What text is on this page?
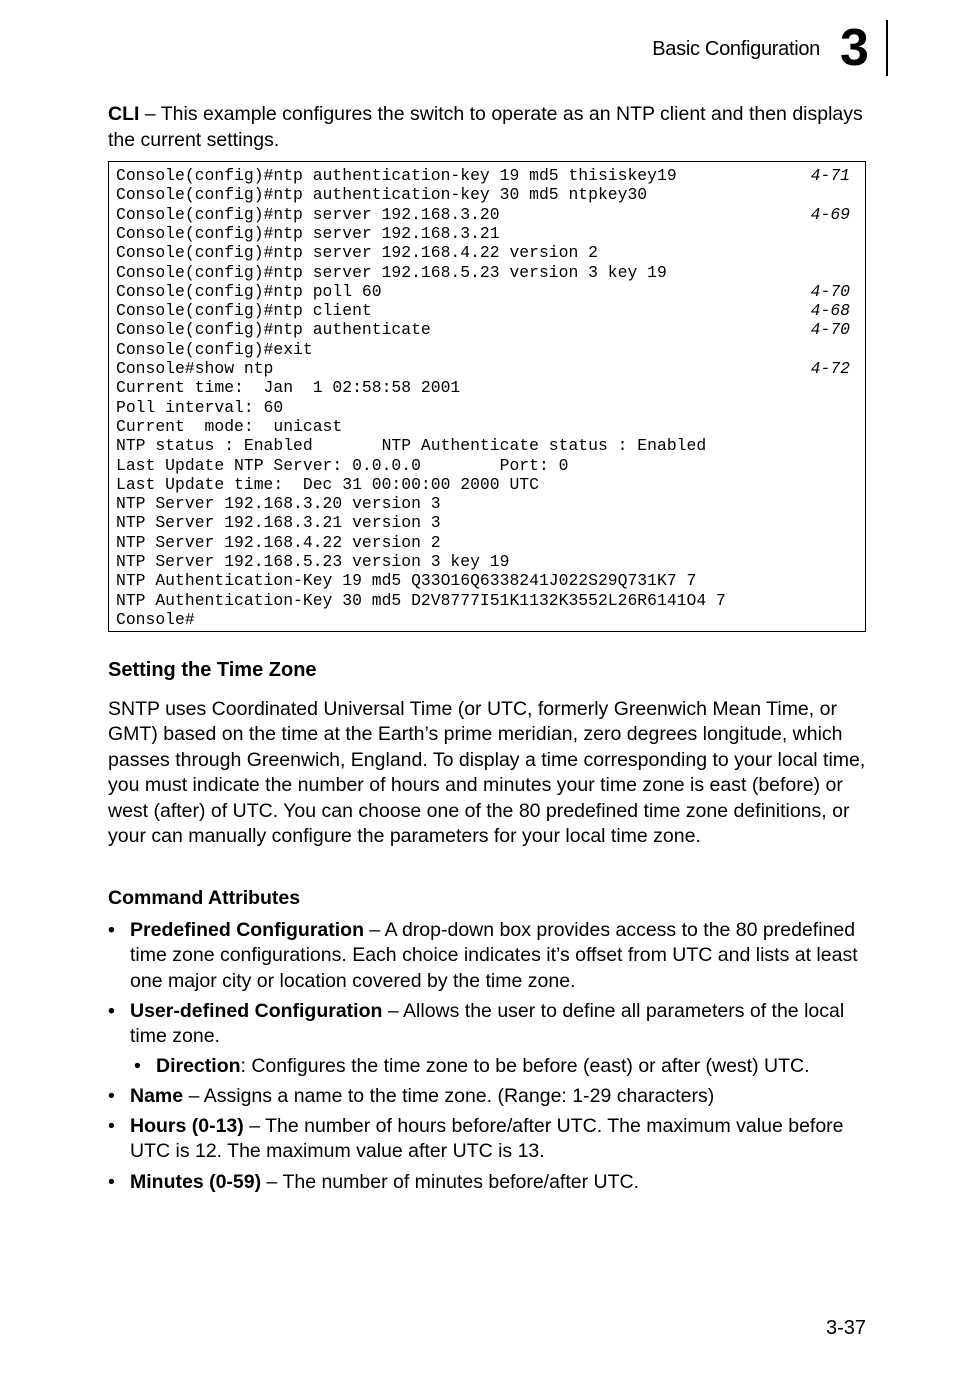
Basic Configuration 3
CLI – This example configures the switch to operate as an NTP client and then displays the current settings.
Console(config)#ntp authentication-key 19 md5 thisiskey19	4-71
Console(config)#ntp authentication-key 30 md5 ntpkey30
Console(config)#ntp server 192.168.3.20	4-69
Console(config)#ntp server 192.168.3.21
Console(config)#ntp server 192.168.4.22 version 2
Console(config)#ntp server 192.168.5.23 version 3 key 19
Console(config)#ntp poll 60	4-70
Console(config)#ntp client	4-68
Console(config)#ntp authenticate	4-70
Console(config)#exit
Console#show ntp	4-72
Current time:  Jan  1 02:58:58 2001
Poll interval: 60
Current  mode:  unicast
NTP status : Enabled       NTP Authenticate status : Enabled
Last Update NTP Server: 0.0.0.0        Port: 0
Last Update time:  Dec 31 00:00:00 2000 UTC
NTP Server 192.168.3.20 version 3
NTP Server 192.168.3.21 version 3
NTP Server 192.168.4.22 version 2
NTP Server 192.168.5.23 version 3 key 19
NTP Authentication-Key 19 md5 Q33O16Q6338241J022S29Q731K7 7
NTP Authentication-Key 30 md5 D2V8777I51K1132K3552L26R6141O4 7
Console#
Setting the Time Zone
SNTP uses Coordinated Universal Time (or UTC, formerly Greenwich Mean Time, or GMT) based on the time at the Earth’s prime meridian, zero degrees longitude, which passes through Greenwich, England. To display a time corresponding to your local time, you must indicate the number of hours and minutes your time zone is east (before) or west (after) of UTC. You can choose one of the 80 predefined time zone definitions, or your can manually configure the parameters for your local time zone.
Command Attributes
• Predefined Configuration – A drop-down box provides access to the 80 predefined time zone configurations. Each choice indicates it’s offset from UTC and lists at least one major city or location covered by the time zone.
• User-defined Configuration – Allows the user to define all parameters of the local time zone.
• Direction: Configures the time zone to be before (east) or after (west) UTC.
• Name – Assigns a name to the time zone. (Range: 1-29 characters)
• Hours (0-13) – The number of hours before/after UTC. The maximum value before UTC is 12. The maximum value after UTC is 13.
• Minutes (0-59) – The number of minutes before/after UTC.
3-37
